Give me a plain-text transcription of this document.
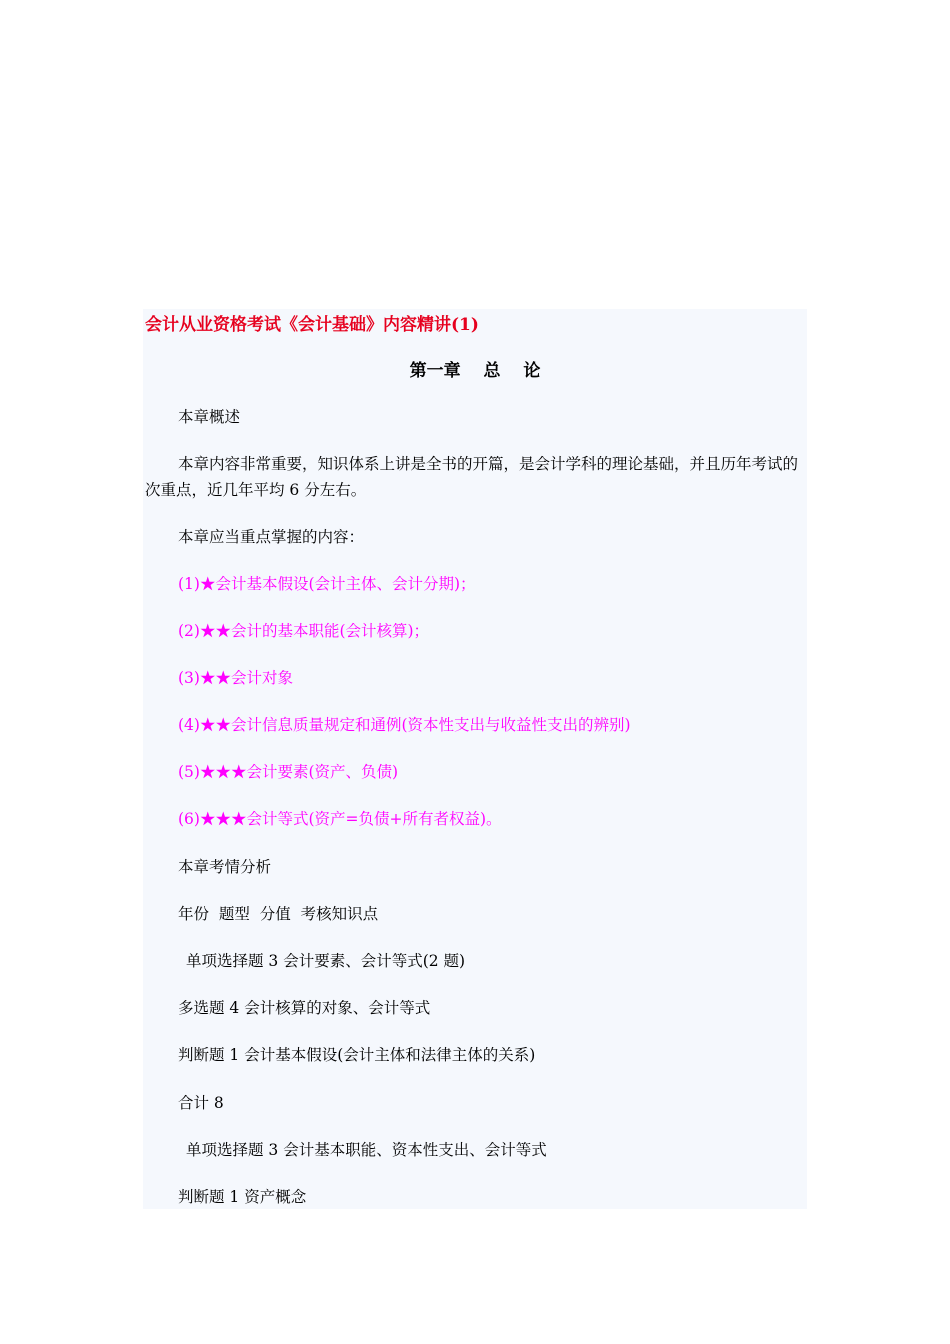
会计从业资格考试《会计基础》内容精讲(1)
第一章　 总　 论
本章概述
本章内容非常重要，知识体系上讲是全书的开篇，是会计学科的理论基础，并且历年考试的次重点，近几年平均 6 分左右。
本章应当重点掌握的内容：
(1)★会计基本假设(会计主体、会计分期)；
(2)★★会计的基本职能(会计核算)；
(3)★★会计对象
(4)★★会计信息质量规定和通例(资本性支出与收益性支出的辨别)
(5)★★★会计要素(资产、负债)
(6)★★★会计等式(资产=负债+所有者权益)。
本章考情分析
年份  题型  分值  考核知识点
单项选择题 3 会计要素、会计等式(2 题)
多选题 4 会计核算的对象、会计等式
判断题 1 会计基本假设(会计主体和法律主体的关系)
合计 8
单项选择题 3 会计基本职能、资本性支出、会计等式
判断题 1 资产概念
